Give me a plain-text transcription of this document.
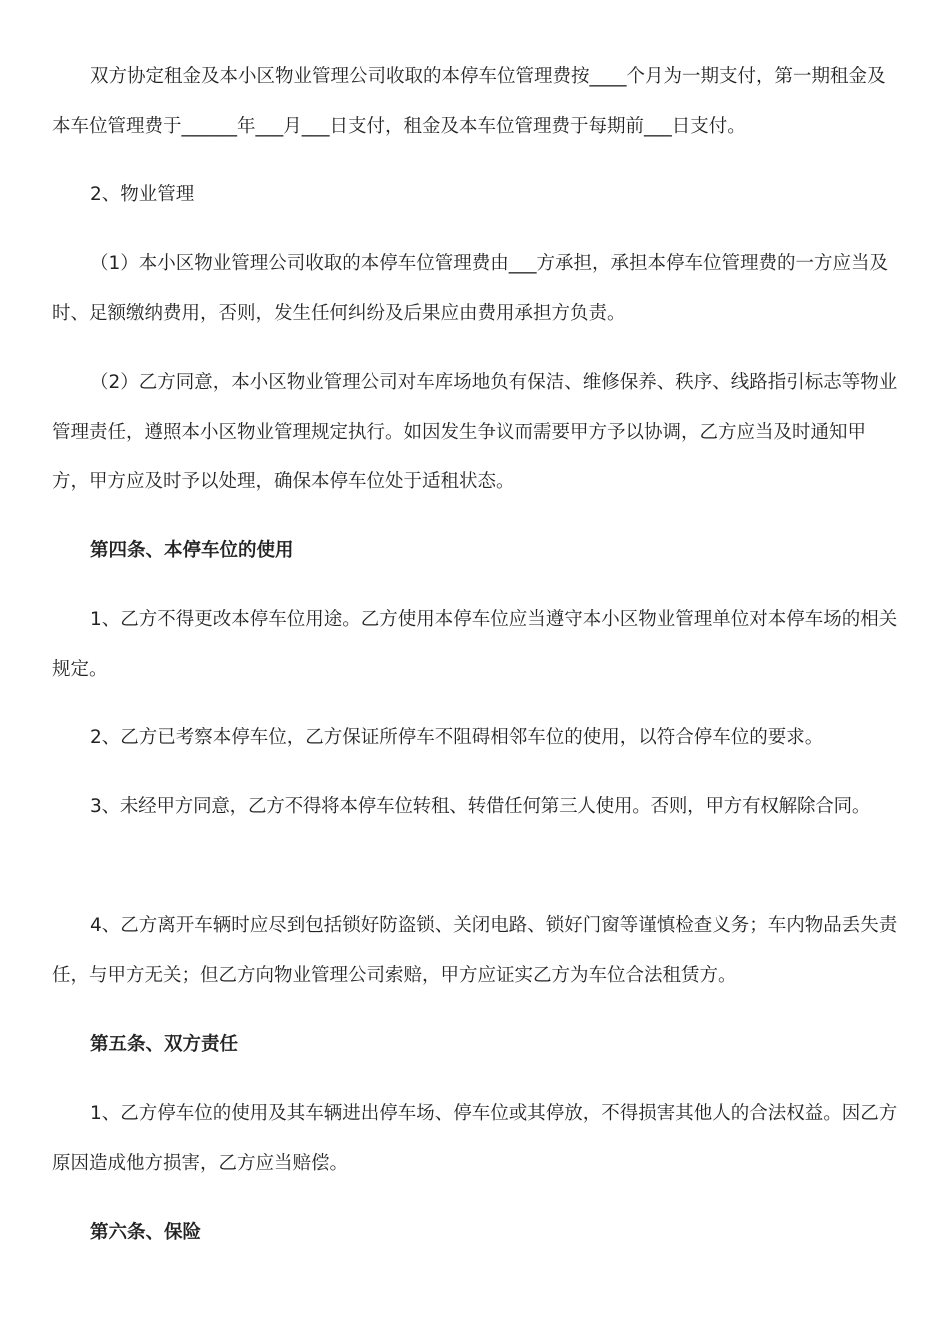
双方协定租金及本小区物业管理公司收取的本停车位管理费按____个月为一期支付，第一期租金及本车位管理费于______年___月___日支付，租金及本车位管理费于每期前___日支付。

2、物业管理

（1）本小区物业管理公司收取的本停车位管理费由___方承担，承担本停车位管理费的一方应当及时、足额缴纳费用，否则，发生任何纠纷及后果应由费用承担方负责。

（2）乙方同意，本小区物业管理公司对车库场地负有保洁、维修保养、秩序、线路指引标志等物业管理责任，遵照本小区物业管理规定执行。如因发生争议而需要甲方予以协调，乙方应当及时通知甲方，甲方应及时予以处理，确保本停车位处于适租状态。

第四条、本停车位的使用

1、乙方不得更改本停车位用途。乙方使用本停车位应当遵守本小区物业管理单位对本停车场的相关规定。

2、乙方已考察本停车位，乙方保证所停车不阻碍相邻车位的使用，以符合停车位的要求。

3、未经甲方同意，乙方不得将本停车位转租、转借任何第三人使用。否则，甲方有权解除合同。

4、乙方离开车辆时应尽到包括锁好防盗锁、关闭电路、锁好门窗等谨慎检查义务；车内物品丢失责任，与甲方无关；但乙方向物业管理公司索赔，甲方应证实乙方为车位合法租赁方。

第五条、双方责任

1、乙方停车位的使用及其车辆进出停车场、停车位或其停放，不得损害其他人的合法权益。因乙方原因造成他方损害，乙方应当赔偿。

第六条、保险
